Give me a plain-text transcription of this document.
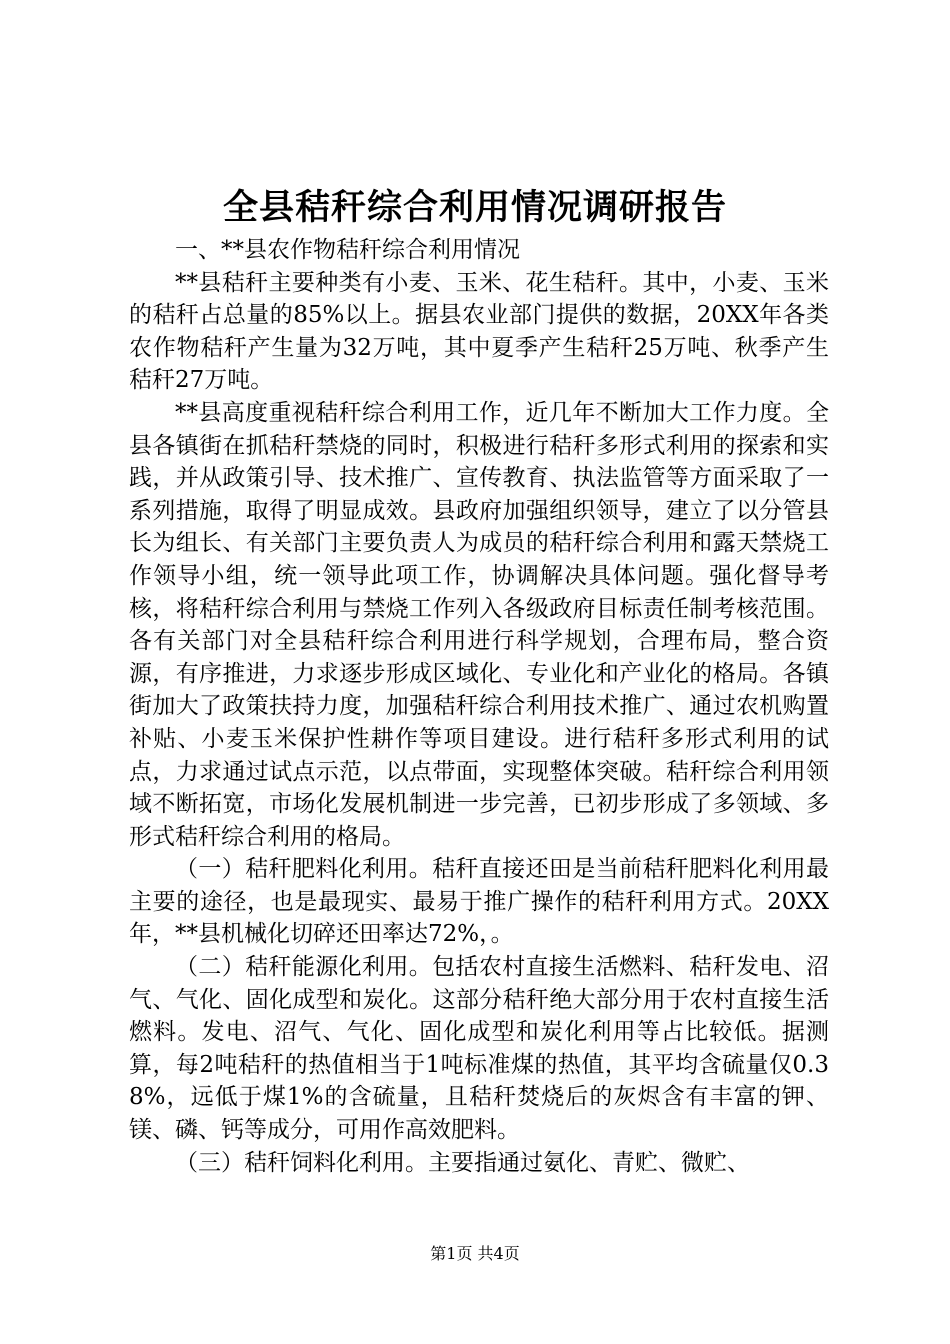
全县秸秆综合利用情况调研报告

一、**县农作物秸秆综合利用情况

**县秸秆主要种类有小麦、玉米、花生秸秆。其中，小麦、玉米的秸秆占总量的85%以上。据县农业部门提供的数据，20XX年各类农作物秸秆产生量为32万吨，其中夏季产生秸秆25万吨、秋季产生秸秆27万吨。

**县高度重视秸秆综合利用工作，近几年不断加大工作力度。全县各镇街在抓秸秆禁烧的同时，积极进行秸秆多形式利用的探索和实践，并从政策引导、技术推广、宣传教育、执法监管等方面采取了一系列措施，取得了明显成效。县政府加强组织领导，建立了以分管县长为组长、有关部门主要负责人为成员的秸秆综合利用和露天禁烧工作领导小组，统一领导此项工作，协调解决具体问题。强化督导考核，将秸秆综合利用与禁烧工作列入各级政府目标责任制考核范围。各有关部门对全县秸秆综合利用进行科学规划，合理布局，整合资源，有序推进，力求逐步形成区域化、专业化和产业化的格局。各镇街加大了政策扶持力度，加强秸秆综合利用技术推广、通过农机购置补贴、小麦玉米保护性耕作等项目建设。进行秸秆多形式利用的试点，力求通过试点示范，以点带面，实现整体突破。秸秆综合利用领域不断拓宽，市场化发展机制进一步完善，已初步形成了多领域、多形式秸秆综合利用的格局。

（一）秸秆肥料化利用。秸秆直接还田是当前秸秆肥料化利用最主要的途径，也是最现实、最易于推广操作的秸秆利用方式。20XX年，**县机械化切碎还田率达72%，。

（二）秸秆能源化利用。包括农村直接生活燃料、秸秆发电、沼气、气化、固化成型和炭化。这部分秸秆绝大部分用于农村直接生活燃料。发电、沼气、气化、固化成型和炭化利用等占比较低。据测算，每2吨秸秆的热值相当于1吨标准煤的热值，其平均含硫量仅0.38%，远低于煤1%的含硫量，且秸秆焚烧后的灰烬含有丰富的钾、镁、磷、钙等成分，可用作高效肥料。

（三）秸秆饲料化利用。主要指通过氨化、青贮、微贮、

第1页 共4页
